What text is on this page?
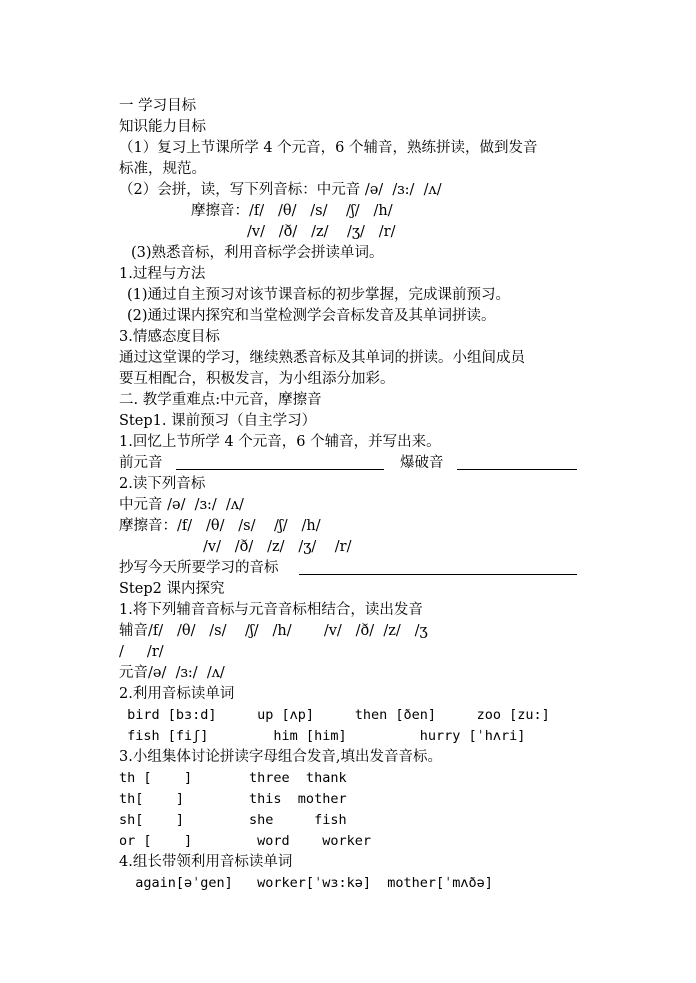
一 学习目标
知识能力目标
（1）复习上节课所学 4 个元音，6 个辅音，熟练拼读，做到发音
标准，规范。
（2）会拼，读，写下列音标：中元音 /ə/  /ɜ:/  /ʌ/
摩擦音：/f/   /θ/   /s/    /ʃ/   /h/
/v/   /ð/   /z/    /ʒ/   /r/
(3)熟悉音标，利用音标学会拼读单词。
1.过程与方法
(1)通过自主预习对该节课音标的初步掌握，完成课前预习。
(2)通过课内探究和当堂检测学会音标发音及其单词拼读。
3.情感态度目标
通过这堂课的学习，继续熟悉音标及其单词的拼读。小组间成员
要互相配合，积极发言，为小组添分加彩。
二. 教学重难点:中元音，摩擦音
Step1. 课前预习（自主学习）
1.回忆上节所学 4 个元音，6 个辅音，并写出来。

前元音

	爆破音

2.读下列音标
中元音 /ə/  /ɜ:/  /ʌ/
摩擦音：/f/   /θ/   /s/    /ʃ/   /h/
/v/   /ð/   /z/   /ʒ/    /r/

抄写今天所要学习的音标

Step2 课内探究
1.将下列辅音音标与元音音标相结合，读出发音
辅音/f/   /θ/   /s/    /ʃ/   /h/       /v/   /ð/  /z/   /ʒ
/     /r/
元音/ə/  /ɜ:/  /ʌ/
2.利用音标读单词
bird [bɜ:d]     up [ʌp]     then [ðen]     zoo [zu:]
fish [fiʃ]        him [him]         hurry [ˈhʌri]
3.小组集体讨论拼读字母组合发音,填出发音音标。
th [    ]       three  thank
th[    ]        this  mother
sh[    ]        she     fish
or [    ]        word    worker
4.组长带领利用音标读单词
again[əˈgen]   worker[ˈwɜ:kə]  mother[ˈmʌðə]
